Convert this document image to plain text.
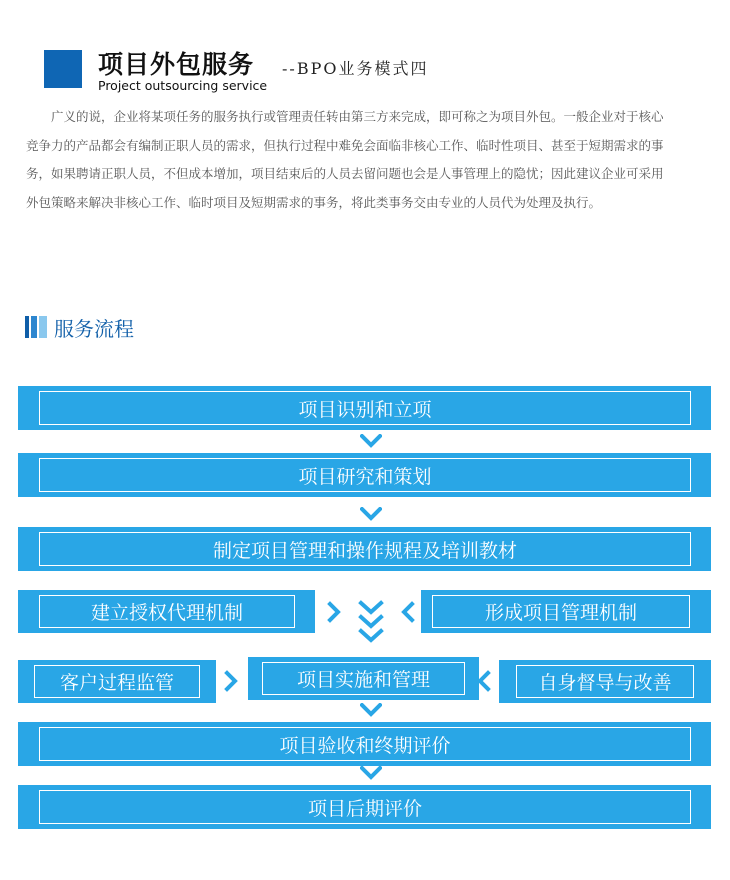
项目外包服务 --BPO业务模式四
Project outsourcing service

广义的说，企业将某项任务的服务执行或管理责任转由第三方来完成，即可称之为项目外包。一般企业对于核心竞争力的产品都会有编制正职人员的需求，但执行过程中难免会面临非核心工作、临时性项目、甚至于短期需求的事务，如果聘请正职人员，不但成本增加，项目结束后的人员去留问题也会是人事管理上的隐忧；因此建议企业可采用外包策略来解决非核心工作、临时项目及短期需求的事务，将此类事务交由专业的人员代为处理及执行。

服务流程
项目识别和立项
项目研究和策划
制定项目管理和操作规程及培训教材
建立授权代理机制	形成项目管理机制
客户过程监管	项目实施和管理	自身督导与改善
项目验收和终期评价
项目后期评价
